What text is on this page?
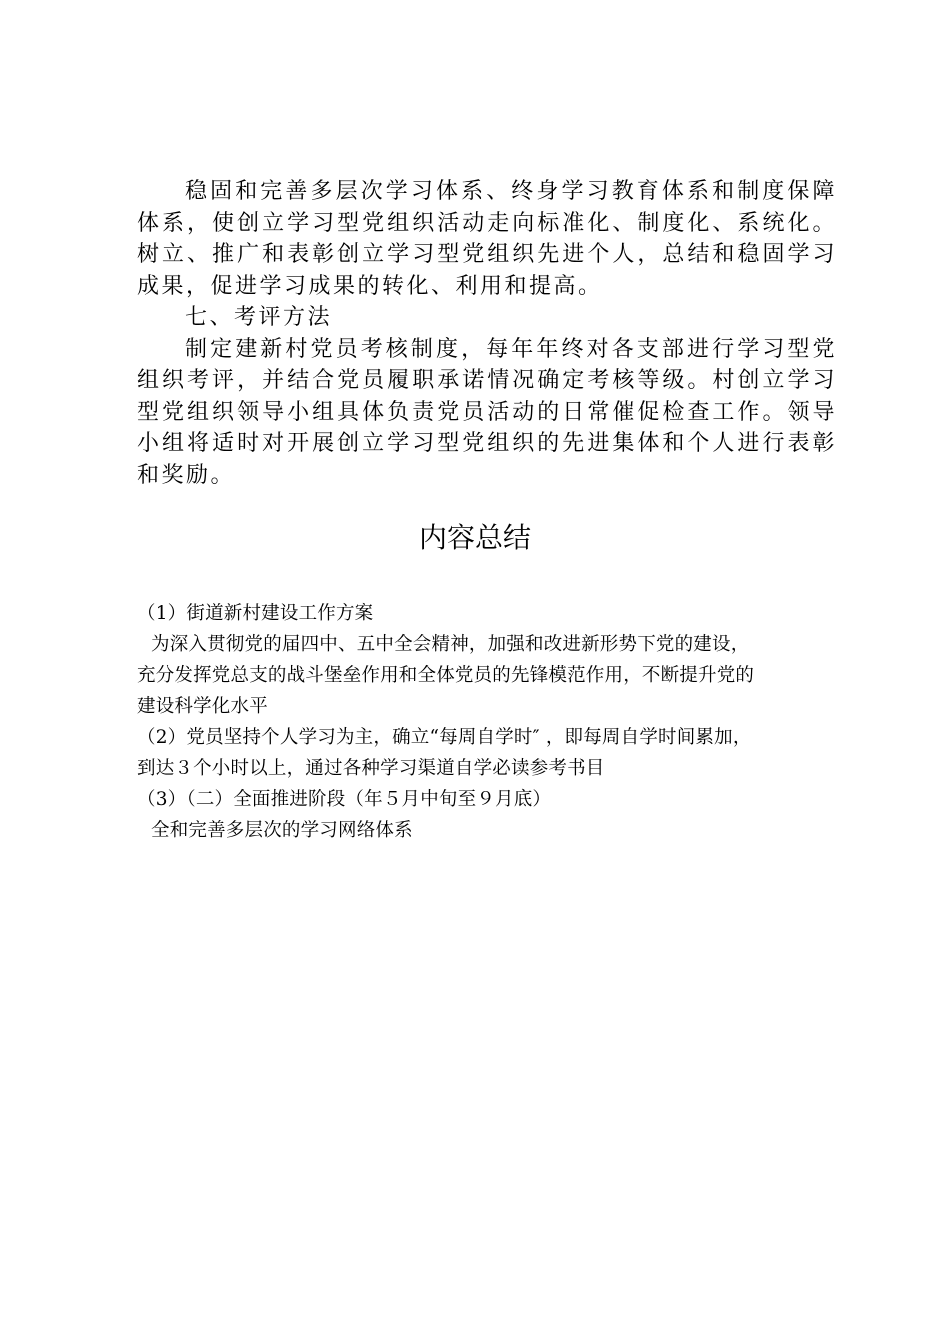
稳固和完善多层次学习体系、终身学习教育体系和制度保障体系，使创立学习型党组织活动走向标准化、制度化、系统化。树立、推广和表彰创立学习型党组织先进个人，总结和稳固学习成果，促进学习成果的转化、利用和提高。

七、考评方法

制定建新村党员考核制度，每年年终对各支部进行学习型党组织考评，并结合党员履职承诺情况确定考核等级。村创立学习型党组织领导小组具体负责党员活动的日常催促检查工作。领导小组将适时对开展创立学习型党组织的先进集体和个人进行表彰和奖励。

内容总结

（1）街道新村建设工作方案

为深入贯彻党的届四中、五中全会精神，加强和改进新形势下党的建设，

充分发挥党总支的战斗堡垒作用和全体党员的先锋模范作用，不断提升党的

建设科学化水平

（2）党员坚持个人学习为主，确立“每周自学时″ ，即每周自学时间累加，

到达３个小时以上，通过各种学习渠道自学必读参考书目

（3）（二）全面推进阶段（年５月中旬至９月底）

全和完善多层次的学习网络体系
